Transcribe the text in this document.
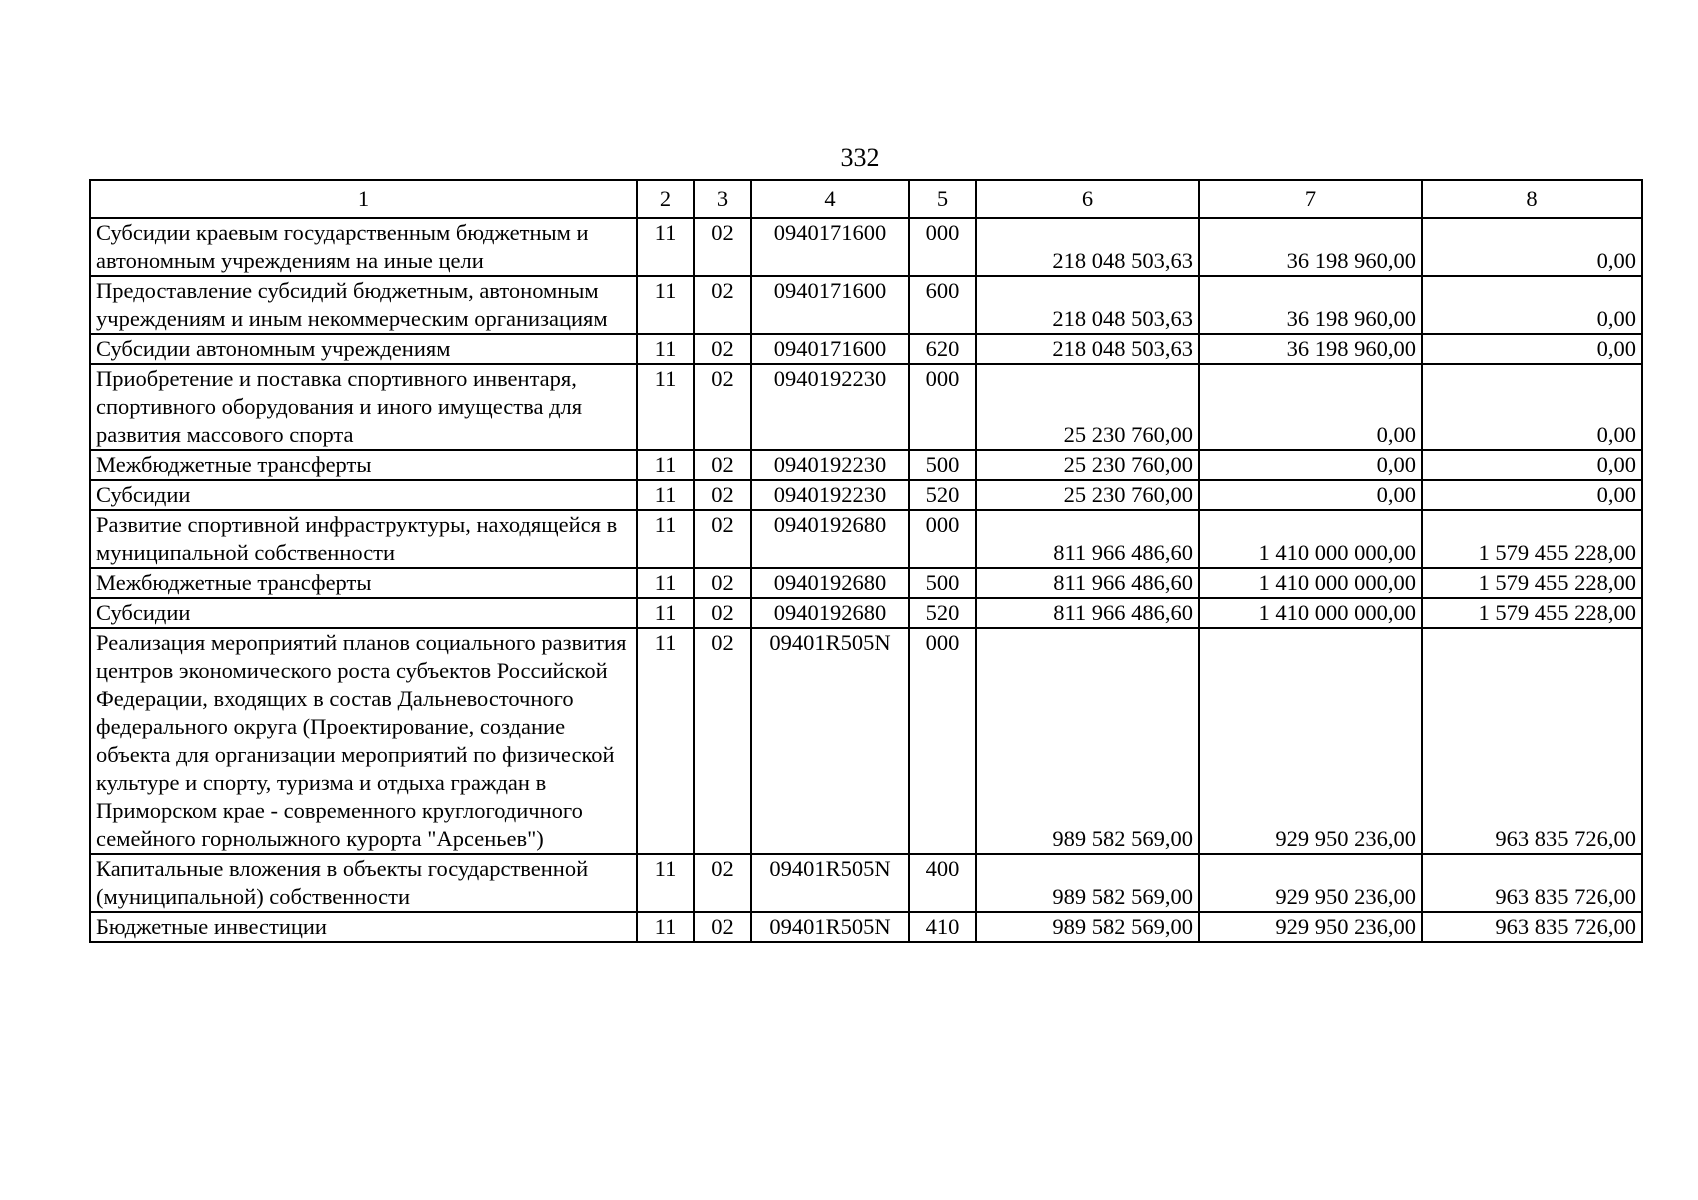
332
1	2	3	4	5	6	7	8
Субсидии краевым государственным бюджетным и автономным учреждениям на иные цели	11	02	0940171600	000	218 048 503,63	36 198 960,00	0,00
Предоставление субсидий бюджетным, автономным учреждениям и иным некоммерческим организациям	11	02	0940171600	600	218 048 503,63	36 198 960,00	0,00
Субсидии автономным учреждениям	11	02	0940171600	620	218 048 503,63	36 198 960,00	0,00
Приобретение и поставка спортивного инвентаря, спортивного оборудования и иного имущества для развития массового спорта	11	02	0940192230	000	25 230 760,00	0,00	0,00
Межбюджетные трансферты	11	02	0940192230	500	25 230 760,00	0,00	0,00
Субсидии	11	02	0940192230	520	25 230 760,00	0,00	0,00
Развитие спортивной инфраструктуры, находящейся в муниципальной собственности	11	02	0940192680	000	811 966 486,60	1 410 000 000,00	1 579 455 228,00
Межбюджетные трансферты	11	02	0940192680	500	811 966 486,60	1 410 000 000,00	1 579 455 228,00
Субсидии	11	02	0940192680	520	811 966 486,60	1 410 000 000,00	1 579 455 228,00
Реализация мероприятий планов социального развития центров экономического роста субъектов Российской Федерации, входящих в состав Дальневосточного федерального округа (Проектирование, создание объекта для организации мероприятий по физической культуре и спорту, туризма и отдыха граждан в Приморском крае - современного круглогодичного семейного горнолыжного курорта "Арсеньев")	11	02	09401R505N	000	989 582 569,00	929 950 236,00	963 835 726,00
Капитальные вложения в объекты государственной (муниципальной) собственности	11	02	09401R505N	400	989 582 569,00	929 950 236,00	963 835 726,00
Бюджетные инвестиции	11	02	09401R505N	410	989 582 569,00	929 950 236,00	963 835 726,00
